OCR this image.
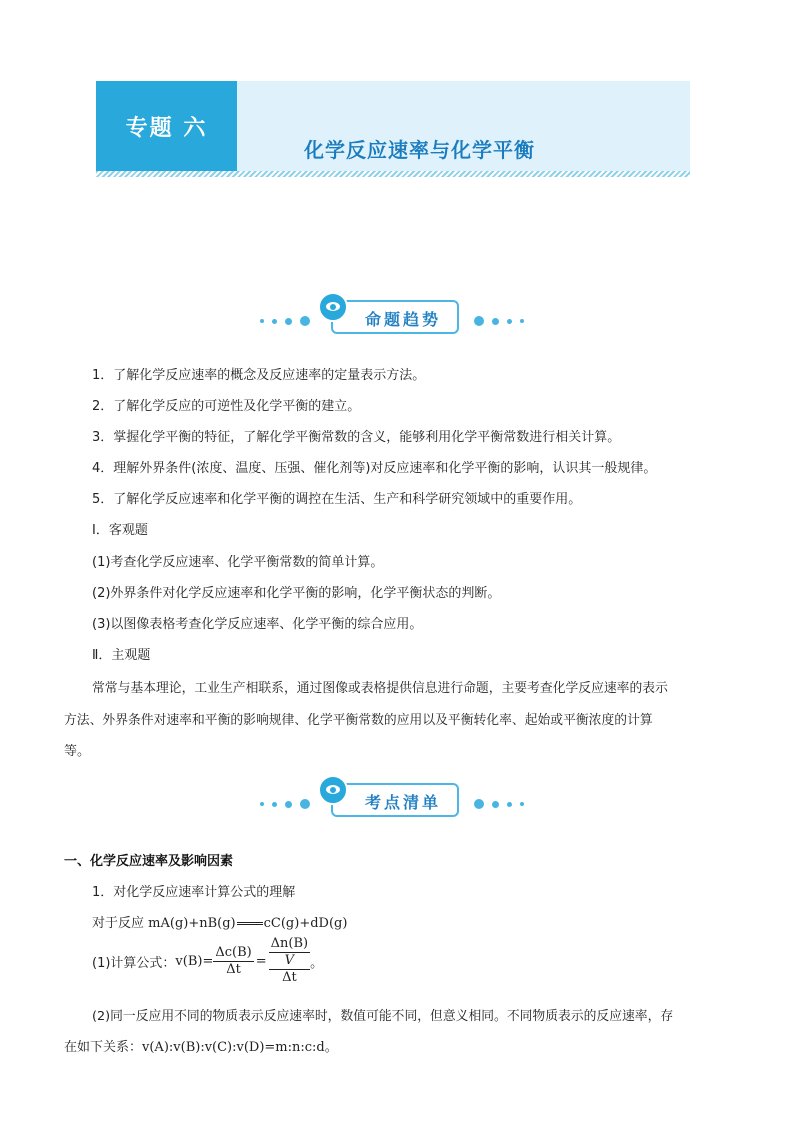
专题 六
化学反应速率与化学平衡
命题趋势
1．了解化学反应速率的概念及反应速率的定量表示方法。
2．了解化学反应的可逆性及化学平衡的建立。
3．掌握化学平衡的特征，了解化学平衡常数的含义，能够利用化学平衡常数进行相关计算。
4．理解外界条件(浓度、温度、压强、催化剂等)对反应速率和化学平衡的影响，认识其一般规律。
5．了解化学反应速率和化学平衡的调控在生活、生产和科学研究领域中的重要作用。
Ⅰ．客观题
(1)考查化学反应速率、化学平衡常数的简单计算。
(2)外界条件对化学反应速率和化学平衡的影响，化学平衡状态的判断。
(3)以图像表格考查化学反应速率、化学平衡的综合应用。
Ⅱ．主观题
常常与基本理论，工业生产相联系，通过图像或表格提供信息进行命题，主要考查化学反应速率的表示
方法、外界条件对速率和平衡的影响规律、化学平衡常数的应用以及平衡转化率、起始或平衡浓度的计算
等。
考点清单
一、化学反应速率及影响因素
1．对化学反应速率计算公式的理解
对于反应 mA(g)+nB(g) cC(g)+dD(g)
(1)计算公式： $v(B)= \frac{\Delta c(B)}{\Delta t} = \frac{\frac{\Delta n(B)}{V}}{\Delta t}$ 。
(2)同一反应用不同的物质表示反应速率时，数值可能不同，但意义相同。不同物质表示的反应速率，存
在如下关系：v(A):v(B):v(C):v(D)=m:n:c:d。
